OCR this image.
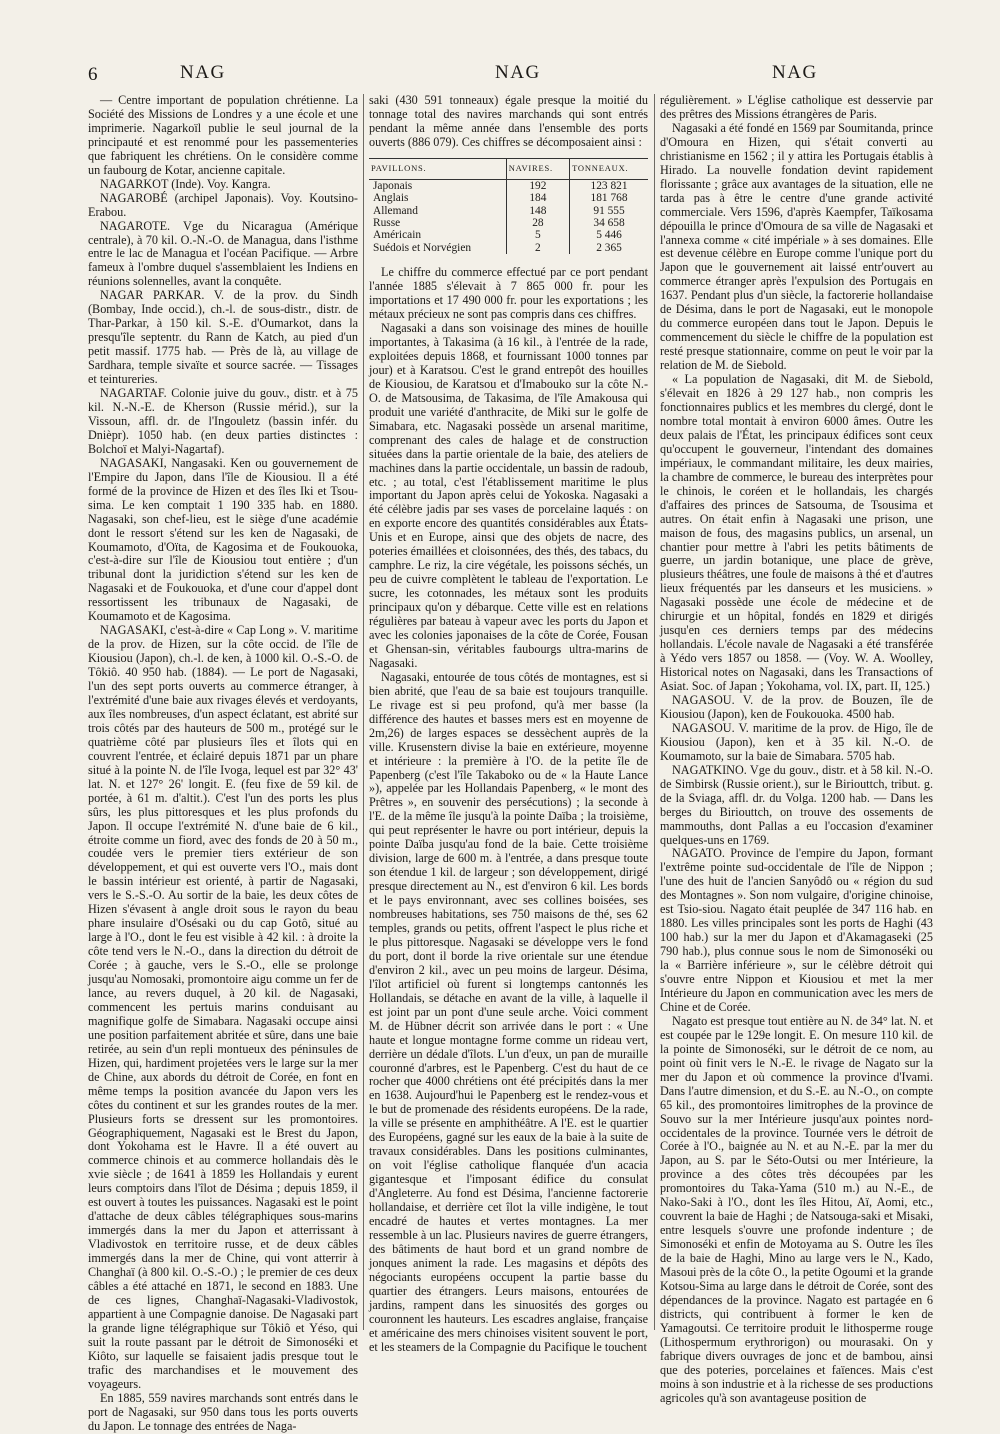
6	NAG	NAG	NAG

— Centre important de population chrétienne. La Société des Missions de Londres y a une école et une imprimerie. Nagarkoïl publie le seul journal de la principauté et est renommé pour les passementeries que fabriquent les chrétiens. On le considère comme un faubourg de Kotar, ancienne capitale.

NAGARKOT (Inde). Voy. Kangra.

NAGAROBÉ (archipel Japonais). Voy. Koutsino-Erabou.

NAGAROTE. Vge du Nicaragua (Amérique centrale), à 70 kil. O.-N.-O. de Managua, dans l'isthme entre le lac de Managua et l'océan Pacifique. — Arbre fameux à l'ombre duquel s'assemblaient les Indiens en réunions solennelles, avant la conquête.

NAGAR PARKAR. V. de la prov. du Sindh (Bombay, Inde occid.), ch.-l. de sous-distr., distr. de Thar-Parkar, à 150 kil. S.-E. d'Oumarkot, dans la presqu'île septentr. du Rann de Katch, au pied d'un petit massif. 1775 hab. — Près de là, au village de Sardhara, temple sivaïte et source sacrée. — Tissages et teintureries.

NAGARTAF. Colonie juive du gouv., distr. et à 75 kil. N.-N.-E. de Kherson (Russie mérid.), sur la Vissoun, affl. dr. de l'Ingouletz (bassin infér. du Dnièpr). 1050 hab. (en deux parties distinctes : Bolchoï et Malyi-Nagartaf).

NAGASAKI, Nangasaki. Ken ou gouvernement de l'Empire du Japon, dans l'île de Kiousiou. Il a été formé de la province de Hizen et des îles Iki et Tsou-sima. Le ken comptait 1 190 335 hab. en 1880. Nagasaki, son chef-lieu, est le siège d'une académie dont le ressort s'étend sur les ken de Nagasaki, de Koumamoto, d'Oïta, de Kagosima et de Foukouoka, c'est-à-dire sur l'île de Kiousiou tout entière ; d'un tribunal dont la juridiction s'étend sur les ken de Nagasaki et de Foukouoka, et d'une cour d'appel dont ressortissent les tribunaux de Nagasaki, de Koumamoto et de Kagosima.

NAGASAKI, c'est-à-dire « Cap Long ». V. maritime de la prov. de Hizen, sur la côte occid. de l'île de Kiousiou (Japon), ch.-l. de ken, à 1000 kil. O.-S.-O. de Tôkiô. 40 950 hab. (1884). — Le port de Nagasaki, l'un des sept ports ouverts au commerce étranger, à l'extrémité d'une baie aux rivages élevés et verdoyants, aux îles nombreuses, d'un aspect éclatant, est abrité sur trois côtés par des hauteurs de 500 m., protégé sur le quatrième côté par plusieurs îles et îlots qui en couvrent l'entrée, et éclairé depuis 1871 par un phare situé à la pointe N. de l'île Ivoga, lequel est par 32° 43' lat. N. et 127° 26' longit. E. (feu fixe de 59 kil. de portée, à 61 m. d'altit.). C'est l'un des ports les plus sûrs, les plus pittoresques et les plus profonds du Japon. Il occupe l'extrémité N. d'une baie de 6 kil., étroite comme un fiord, avec des fonds de 20 à 50 m., coudée vers le premier tiers extérieur de son développement, et qui est ouverte vers l'O., mais dont le bassin intérieur est orienté, à partir de Nagasaki, vers le S.-S.-O. Au sortir de la baie, les deux côtes de Hizen s'évasent à angle droit sous le rayon du beau phare insulaire d'Osésaki ou du cap Gotô, situé au large à l'O., dont le feu est visible à 42 kil. : à droite la côte tend vers le N.-O., dans la direction du détroit de Corée ; à gauche, vers le S.-O., elle se prolonge jusqu'au Nomosaki, promontoire aigu comme un fer de lance, au revers duquel, à 20 kil. de Nagasaki, commencent les pertuis marins conduisant au magnifique golfe de Simabara. Nagasaki occupe ainsi une position parfaitement abritée et sûre, dans une baie retirée, au sein d'un repli montueux des péninsules de Hizen, qui, hardiment projetées vers le large sur la mer de Chine, aux abords du détroit de Corée, en font en même temps la position avancée du Japon vers les côtes du continent et sur les grandes routes de la mer. Plusieurs forts se dressent sur les promontoires. Géographiquement, Nagasaki est le Brest du Japon, dont Yokohama est le Havre. Il a été ouvert au commerce chinois et au commerce hollandais dès le xvie siècle ; de 1641 à 1859 les Hollandais y eurent leurs comptoirs dans l'îlot de Désima ; depuis 1859, il est ouvert à toutes les puissances. Nagasaki est le point d'attache de deux câbles télégraphiques sous-marins immergés dans la mer du Japon et atterrissant à Vladivostok en territoire russe, et de deux câbles immergés dans la mer de Chine, qui vont atterrir à Changhaï (à 800 kil. O.-S.-O.) ; le premier de ces deux câbles a été attaché en 1871, le second en 1883. Une de ces lignes, Changhaï-Nagasaki-Vladivostok, appartient à une Compagnie danoise. De Nagasaki part la grande ligne télégraphique sur Tôkiô et Yéso, qui suit la route passant par le détroit de Simonoséki et Kiôto, sur laquelle se faisaient jadis presque tout le trafic des marchandises et le mouvement des voyageurs.

En 1885, 559 navires marchands sont entrés dans le port de Nagasaki, sur 950 dans tous les ports ouverts du Japon. Le tonnage des entrées de Naga-

saki (430 591 tonneaux) égale presque la moitié du tonnage total des navires marchands qui sont entrés pendant la même année dans l'ensemble des ports ouverts (886 079). Ces chiffres se décomposaient ainsi :

PAVILLONS.	NAVIRES.	TONNEAUX.
Japonais	192	123 821
Anglais	184	181 768
Allemand	148	91 555
Russe	28	34 658
Américain	5	5 446
Suédois et Norvégien	2	2 365

Le chiffre du commerce effectué par ce port pendant l'année 1885 s'élevait à 7 865 000 fr. pour les importations et 17 490 000 fr. pour les exportations ; les métaux précieux ne sont pas compris dans ces chiffres.

Nagasaki a dans son voisinage des mines de houille importantes, à Takasima (à 16 kil., à l'entrée de la rade, exploitées depuis 1868, et fournissant 1000 tonnes par jour) et à Karatsou. C'est le grand entrepôt des houilles de Kiousiou, de Karatsou et d'Imabouko sur la côte N.-O. de Matsousima, de Takasima, de l'île Amakousa qui produit une variété d'anthracite, de Miki sur le golfe de Simabara, etc. Nagasaki possède un arsenal maritime, comprenant des cales de halage et de construction situées dans la partie orientale de la baie, des ateliers de machines dans la partie occidentale, un bassin de radoub, etc. ; au total, c'est l'établissement maritime le plus important du Japon après celui de Yokoska. Nagasaki a été célèbre jadis par ses vases de porcelaine laqués : on en exporte encore des quantités considérables aux États-Unis et en Europe, ainsi que des objets de nacre, des poteries émaillées et cloisonnées, des thés, des tabacs, du camphre. Le riz, la cire végétale, les poissons séchés, un peu de cuivre complètent le tableau de l'exportation. Le sucre, les cotonnades, les métaux sont les produits principaux qu'on y débarque. Cette ville est en relations régulières par bateau à vapeur avec les ports du Japon et avec les colonies japonaises de la côte de Corée, Fousan et Ghensan-sin, véritables faubourgs ultra-marins de Nagasaki.

Nagasaki, entourée de tous côtés de montagnes, est si bien abrité, que l'eau de sa baie est toujours tranquille. Le rivage est si peu profond, qu'à mer basse (la différence des hautes et basses mers est en moyenne de 2m,26) de larges espaces se dessèchent auprès de la ville. Krusenstern divise la baie en extérieure, moyenne et intérieure : la première à l'O. de la petite île de Papenberg (c'est l'île Takaboko ou de « la Haute Lance »), appelée par les Hollandais Papenberg, « le mont des Prêtres », en souvenir des persécutions) ; la seconde à l'E. de la même île jusqu'à la pointe Daïba ; la troisième, qui peut représenter le havre ou port intérieur, depuis la pointe Daïba jusqu'au fond de la baie. Cette troisième division, large de 600 m. à l'entrée, a dans presque toute son étendue 1 kil. de largeur ; son développement, dirigé presque directement au N., est d'environ 6 kil. Les bords et le pays environnant, avec ses collines boisées, ses nombreuses habitations, ses 750 maisons de thé, ses 62 temples, grands ou petits, offrent l'aspect le plus riche et le plus pittoresque. Nagasaki se développe vers le fond du port, dont il borde la rive orientale sur une étendue d'environ 2 kil., avec un peu moins de largeur. Désima, l'îlot artificiel où furent si longtemps cantonnés les Hollandais, se détache en avant de la ville, à laquelle il est joint par un pont d'une seule arche. Voici comment M. de Hübner décrit son arrivée dans le port : « Une haute et longue montagne forme comme un rideau vert, derrière un dédale d'îlots. L'un d'eux, un pan de muraille couronné d'arbres, est le Papenberg. C'est du haut de ce rocher que 4000 chrétiens ont été précipités dans la mer en 1638. Aujourd'hui le Papenberg est le rendez-vous et le but de promenade des résidents européens. De la rade, la ville se présente en amphithéâtre. A l'E. est le quartier des Européens, gagné sur les eaux de la baie à la suite de travaux considérables. Dans les positions culminantes, on voit l'église catholique flanquée d'un acacia gigantesque et l'imposant édifice du consulat d'Angleterre. Au fond est Désima, l'ancienne factorerie hollandaise, et derrière cet îlot la ville indigène, le tout encadré de hautes et vertes montagnes. La mer ressemble à un lac. Plusieurs navires de guerre étrangers, des bâtiments de haut bord et un grand nombre de jonques animent la rade. Les magasins et dépôts des négociants européens occupent la partie basse du quartier des étrangers. Leurs maisons, entourées de jardins, rampent dans les sinuosités des gorges ou couronnent les hauteurs. Les escadres anglaise, française et américaine des mers chinoises visitent souvent le port, et les steamers de la Compagnie du Pacifique le touchent

régulièrement. » L'église catholique est desservie par des prêtres des Missions étrangères de Paris.

Nagasaki a été fondé en 1569 par Soumitanda, prince d'Omoura en Hizen, qui s'était converti au christianisme en 1562 ; il y attira les Portugais établis à Hirado. La nouvelle fondation devint rapidement florissante ; grâce aux avantages de la situation, elle ne tarda pas à être le centre d'une grande activité commerciale. Vers 1596, d'après Kaempfer, Taïkosama dépouilla le prince d'Omoura de sa ville de Nagasaki et l'annexa comme « cité impériale » à ses domaines. Elle est devenue célèbre en Europe comme l'unique port du Japon que le gouvernement ait laissé entr'ouvert au commerce étranger après l'expulsion des Portugais en 1637. Pendant plus d'un siècle, la factorerie hollandaise de Désima, dans le port de Nagasaki, eut le monopole du commerce européen dans tout le Japon. Depuis le commencement du siècle le chiffre de la population est resté presque stationnaire, comme on peut le voir par la relation de M. de Siebold.

« La population de Nagasaki, dit M. de Siebold, s'élevait en 1826 à 29 127 hab., non compris les fonctionnaires publics et les membres du clergé, dont le nombre total montait à environ 6000 âmes. Outre les deux palais de l'État, les principaux édifices sont ceux qu'occupent le gouverneur, l'intendant des domaines impériaux, le commandant militaire, les deux mairies, la chambre de commerce, le bureau des interprètes pour le chinois, le coréen et le hollandais, les chargés d'affaires des princes de Satsouma, de Tsousima et autres. On était enfin à Nagasaki une prison, une maison de fous, des magasins publics, un arsenal, un chantier pour mettre à l'abri les petits bâtiments de guerre, un jardin botanique, une place de grève, plusieurs théâtres, une foule de maisons à thé et d'autres lieux fréquentés par les danseurs et les musiciens. » Nagasaki possède une école de médecine et de chirurgie et un hôpital, fondés en 1829 et dirigés jusqu'en ces derniers temps par des médecins hollandais. L'école navale de Nagasaki a été transférée à Yédo vers 1857 ou 1858. — (Voy. W. A. Woolley, Historical notes on Nagasaki, dans les Transactions of Asiat. Soc. of Japan ; Yokohama, vol. IX, part. II, 125.)

NAGASOU. V. de la prov. de Bouzen, île de Kiousiou (Japon), ken de Foukouoka. 4500 hab.

NAGASOU. V. maritime de la prov. de Higo, île de Kiousiou (Japon), ken et à 35 kil. N.-O. de Koumamoto, sur la baie de Simabara. 5705 hab.

NAGATKINO. Vge du gouv., distr. et à 58 kil. N.-O. de Simbirsk (Russie orient.), sur le Biriouttch, tribut. g. de la Sviaga, affl. dr. du Volga. 1200 hab. — Dans les berges du Biriouttch, on trouve des ossements de mammouths, dont Pallas a eu l'occasion d'examiner quelques-uns en 1769.

NAGATO. Province de l'empire du Japon, formant l'extrême pointe sud-occidentale de l'île de Nippon ; l'une des huit de l'ancien Sanyôdô ou « région du sud des Montagnes ». Son nom vulgaire, d'origine chinoise, est Tsio-siou. Nagato était peuplée de 347 116 hab. en 1880. Les villes principales sont les ports de Haghi (43 100 hab.) sur la mer du Japon et d'Akamagaseki (25 790 hab.), plus connue sous le nom de Simonoséki ou la « Barrière inférieure », sur le célèbre détroit qui s'ouvre entre Nippon et Kiousiou et met la mer Intérieure du Japon en communication avec les mers de Chine et de Corée.

Nagato est presque tout entière au N. de 34° lat. N. et est coupée par le 129e longit. E. On mesure 110 kil. de la pointe de Simonoséki, sur le détroit de ce nom, au point où finit vers le N.-E. le rivage de Nagato sur la mer du Japon et où commence la province d'Ivami. Dans l'autre dimension, et du S.-E. au N.-O., on compte 65 kil., des promontoires limitrophes de la province de Souvo sur la mer Intérieure jusqu'aux pointes nord-occidentales de la province. Tournée vers le détroit de Corée à l'O., baignée au N. et au N.-E. par la mer du Japon, au S. par le Séto-Outsi ou mer Intérieure, la province a des côtes très découpées par les promontoires du Taka-Yama (510 m.) au N.-E., de Nako-Saki à l'O., dont les îles Hitou, Aï, Aomi, etc., couvrent la baie de Haghi ; de Natsouga-saki et Misaki, entre lesquels s'ouvre une profonde indenture ; de Simonoséki et enfin de Motoyama au S. Outre les îles de la baie de Haghi, Mino au large vers le N., Kado, Masoui près de la côte O., la petite Ogoumi et la grande Kotsou-Sima au large dans le détroit de Corée, sont des dépendances de la province. Nagato est partagée en 6 districts, qui contribuent à former le ken de Yamagoutsi. Ce territoire produit le lithosperme rouge (Lithospermum erythrorigon) ou mourasaki. On y fabrique divers ouvrages de jonc et de bambou, ainsi que des poteries, porcelaines et faïences. Mais c'est moins à son industrie et à la richesse de ses productions agricoles qu'à son avantageuse position de
